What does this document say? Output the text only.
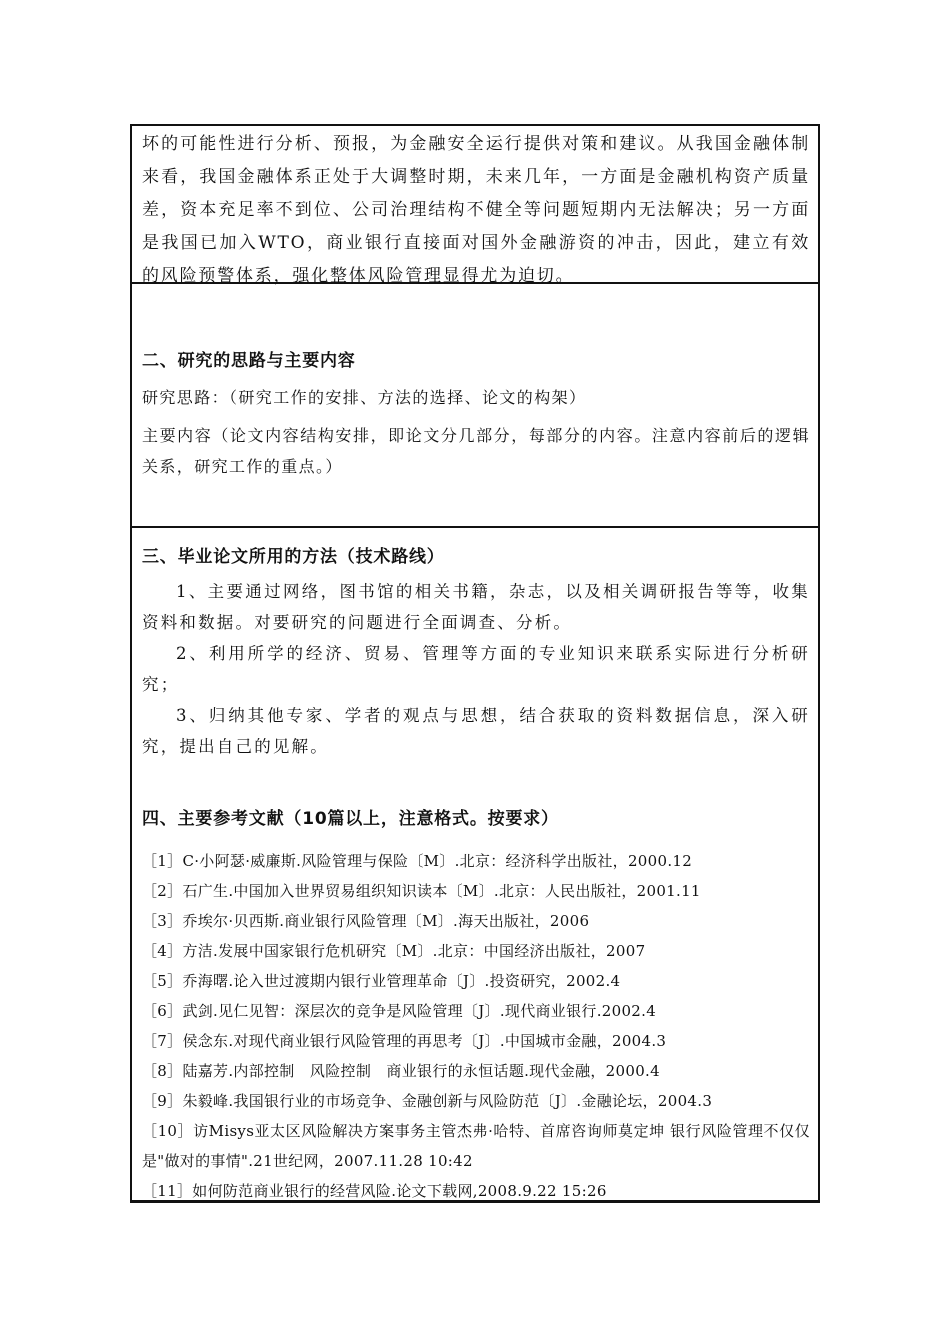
坏的可能性进行分析、预报，为金融安全运行提供对策和建议。从我国金融体制来看，我国金融体系正处于大调整时期，未来几年，一方面是金融机构资产质量差，资本充足率不到位、公司治理结构不健全等问题短期内无法解决；另一方面是我国已加入WTO，商业银行直接面对国外金融游资的冲击，因此，建立有效的风险预警体系，强化整体风险管理显得尤为迫切。
二、研究的思路与主要内容
研究思路：（研究工作的安排、方法的选择、论文的构架）
主要内容（论文内容结构安排，即论文分几部分，每部分的内容。注意内容前后的逻辑关系，研究工作的重点。）
三、毕业论文所用的方法（技术路线）
1、主要通过网络，图书馆的相关书籍，杂志，以及相关调研报告等等，收集资料和数据。对要研究的问题进行全面调查、分析。
2、利用所学的经济、贸易、管理等方面的专业知识来联系实际进行分析研究；
3、归纳其他专家、学者的观点与思想，结合获取的资料数据信息，深入研究，提出自己的见解。
四、主要参考文献（10篇以上，注意格式。按要求）
［1］C·小阿瑟·威廉斯.风险管理与保险〔M〕.北京：经济科学出版社，2000.12
［2］石广生.中国加入世界贸易组织知识读本〔M〕.北京：人民出版社，2001.11
［3］乔埃尔·贝西斯.商业银行风险管理〔M〕.海天出版社，2006
［4］方洁.发展中国家银行危机研究〔M〕.北京：中国经济出版社，2007
［5］乔海曙.论入世过渡期内银行业管理革命〔J〕.投资研究，2002.4
［6］武剑.见仁见智：深层次的竞争是风险管理〔J〕.现代商业银行.2002.4
［7］侯念东.对现代商业银行风险管理的再思考〔J〕.中国城市金融，2004.3
［8］陆嘉芳.内部控制　风险控制　商业银行的永恒话题.现代金融，2000.4
［9］朱毅峰.我国银行业的市场竞争、金融创新与风险防范〔J〕.金融论坛，2004.3
［10］访Misys亚太区风险解决方案事务主管杰弗·哈特、首席咨询师莫定坤 银行风险管理不仅仅是"做对的事情".21世纪网，2007.11.28 10:42
［11］如何防范商业银行的经营风险.论文下载网,2008.9.22 15:26
